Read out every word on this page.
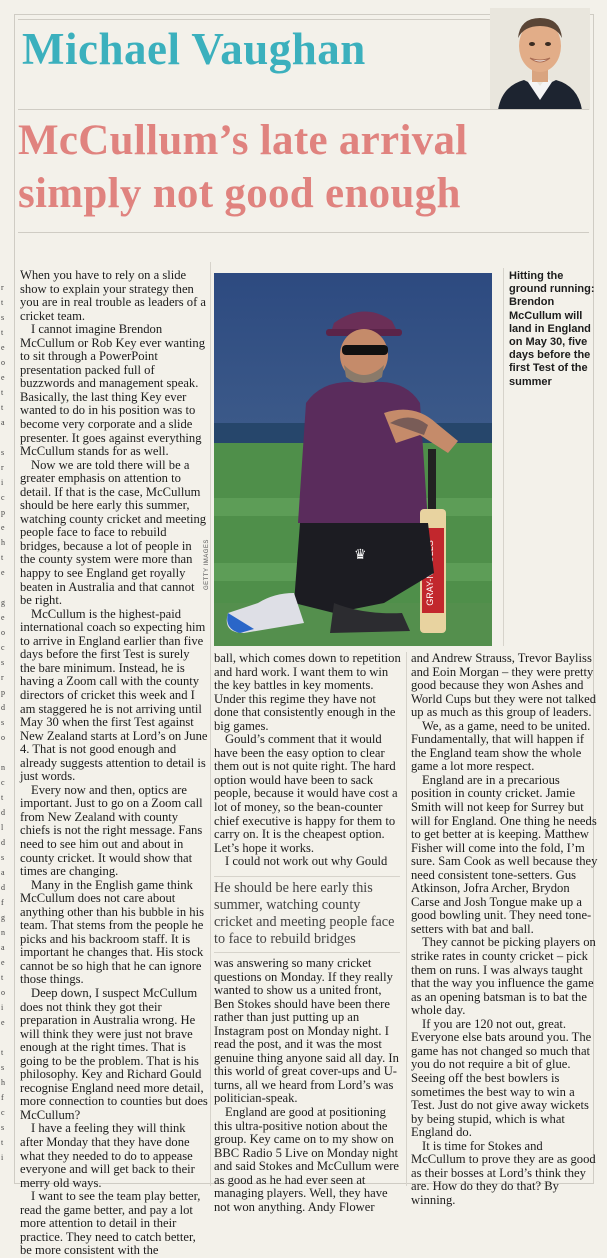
r
t
s
t
e
o
e
t
t
a

s
r
i
c
p
e
h
t
e

g
e
o
c
s
r
p
d
s
o

n
c
t
d
l
d
s
a
d
f
g
n
a
e
t
o
i
e

t
s
h
f
c
s
t
i
Michael Vaughan
McCullum’s late arrival
simply not good enough

When you have to rely on a slide show to explain your strategy then you are in real trouble as leaders of a cricket team.

I cannot imagine Brendon McCullum or Rob Key ever wanting to sit through a PowerPoint presentation packed full of buzzwords and management speak. Basically, the last thing Key ever wanted to do in his position was to become very corporate and a slide presenter. It goes against everything McCullum stands for as well.

Now we are told there will be a greater emphasis on attention to detail. If that is the case, McCullum should be here early this summer, watching county cricket and meeting people face to face to rebuild bridges, because a lot of people in the county system were more than happy to see England get royally beaten in Australia and that cannot be right.

McCullum is the highest-paid international coach so expecting him to arrive in England earlier than five days before the first Test is surely the bare minimum. Instead, he is having a Zoom call with the county directors of cricket this week and I am staggered he is not arriving until May 30 when the first Test against New Zealand starts at Lord’s on June 4. That is not good enough and already suggests attention to detail is just words.

Every now and then, optics are important. Just to go on a Zoom call from New Zealand with county chiefs is not the right message. Fans need to see him out and about in county cricket. It would show that times are changing.

Many in the English game think McCullum does not care about anything other than his bubble in his team. That stems from the people he picks and his backroom staff. It is important he changes that. His stock cannot be so high that he can ignore those things.

Deep down, I suspect McCullum does not think they got their preparation in Australia wrong. He will think they were just not brave enough at the right times. That is going to be the problem. That is his philosophy. Key and Richard Gould recognise England need more detail, more connection to counties but does McCullum?

I have a feeling they will think after Monday that they have done what they needed to do to appease everyone and will get back to their merry old ways.

I want to see the team play better, read the game better, and pay a lot more attention to detail in their practice. They need to catch better, be more consistent with the

♛
GETTY IMAGES
Hitting the ground running: Brendon McCullum will land in England on May 30, five days before the first Test of the summer

ball, which comes down to repetition and hard work. I want them to win the key battles in key moments. Under this regime they have not done that consistently enough in the big games.

Gould’s comment that it would have been the easy option to clear them out is not quite right. The hard option would have been to sack people, because it would have cost a lot of money, so the bean-counter chief executive is happy for them to carry on. It is the cheapest option. Let’s hope it works.

I could not work out why Gould

He should be here early this summer, watching county cricket and meeting people face to face to rebuild bridges

was answering so many cricket questions on Monday. If they really wanted to show us a united front, Ben Stokes should have been there rather than just putting up an Instagram post on Monday night. I read the post, and it was the most genuine thing anyone said all day. In this world of great cover-ups and U-turns, all we heard from Lord’s was politician-speak.

England are good at positioning this ultra-positive notion about the group. Key came on to my show on BBC Radio 5 Live on Monday night and said Stokes and McCullum were as good as he had ever seen at managing players. Well, they have not won anything. Andy Flower

and Andrew Strauss, Trevor Bayliss and Eoin Morgan – they were pretty good because they won Ashes and World Cups but they were not talked up as much as this group of leaders.

We, as a game, need to be united. Fundamentally, that will happen if the England team show the whole game a lot more respect.

England are in a precarious position in county cricket. Jamie Smith will not keep for Surrey but will for England. One thing he needs to get better at is keeping. Matthew Fisher will come into the fold, I’m sure. Sam Cook as well because they need consistent tone-setters. Gus Atkinson, Jofra Archer, Brydon Carse and Josh Tongue make up a good bowling unit. They need tone-setters with bat and ball.

They cannot be picking players on strike rates in county cricket – pick them on runs. I was always taught that the way you influence the game as an opening batsman is to bat the whole day.

If you are 120 not out, great. Everyone else bats around you. The game has not changed so much that you do not require a bit of glue. Seeing off the best bowlers is sometimes the best way to win a Test. Just do not give away wickets by being stupid, which is what England do.

It is time for Stokes and McCullum to prove they are as good as their bosses at Lord’s think they are. How do they do that? By winning.
